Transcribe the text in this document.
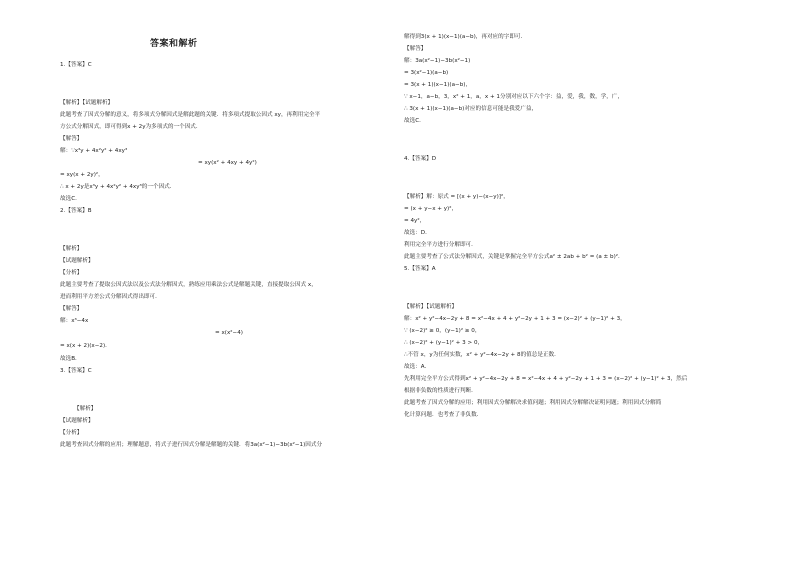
答案和解析
1.【答案】C
【解析】【试题解析】
此题考查了因式分解的意义，将多项式分解因式是解此题的关键．将多项式提取公因式 xy，再利用完全平
方公式分解因式，即可得到x + 2y为多项式的一个因式．
【解答】
解：∵x³y + 4x²y² + 4xy³
= xy(x² + 4xy + 4y²)
= xy(x + 2y)²，
∴ x + 2y是x³y + 4x²y² + 4xy³的一个因式．
故选C．
2.【答案】B
【解析】
【试题解析】
【分析】
此题主要考查了提取公因式法以及公式法分解因式，熟练应用乘法公式是解题关键，直接提取公因式 x，
进而利用平方差公式分解因式得出即可．
【解答】
解：x³−4x
= x(x²−4)
= x(x + 2)(x−2)．
故选B．
3.【答案】C
【解析】
【试题解析】
【分析】
此题考查因式分解的应用；理解题意，将式子进行因式分解是解题的关键．将3a(x²−1)−3b(x²−1)因式分
解得到3(x + 1)(x−1)(a−b)，再对应的字即可．
【解答】
解：3a(x²−1)−3b(x²−1)
= 3(x²−1)(a−b)
= 3(x + 1)(x−1)(a−b)，
∵ x−1，a−b，3，x² + 1，a，x + 1分别对应以下六个字：益，爱，我，数，学，广，
∴ 3(x + 1)(x−1)(a−b)对应的信息可能是我爱广益，
故选C．
4.【答案】D
【解析】解：原式 = [(x + y)−(x−y)]²，
= (x + y−x + y)²，
= 4y²，
故选：D．
利用完全平方进行分解即可．
此题主要考查了公式法分解因式，关键是掌握完全平方公式a² ± 2ab + b² = (a ± b)²．
5.【答案】A
【解析】【试题解析】
解：x² + y²−4x−2y + 8 = x²−4x + 4 + y²−2y + 1 + 3 = (x−2)² + (y−1)² + 3，
∵ (x−2)² ≥ 0，(y−1)² ≥ 0，
∴ (x−2)² + (y−1)² + 3 > 0，
∴不管 x，y为任何实数，x² + y²−4x−2y + 8的值总是正数．
故选：A．
先利用完全平方公式得到x² + y²−4x−2y + 8 = x²−4x + 4 + y²−2y + 1 + 3 = (x−2)² + (y−1)² + 3，然后
根据非负数的性质进行判断．
此题考查了因式分解的应用；利用因式分解解决求值问题；利用因式分解解决证明问题；利用因式分解简
化计算问题．也考查了非负数．
